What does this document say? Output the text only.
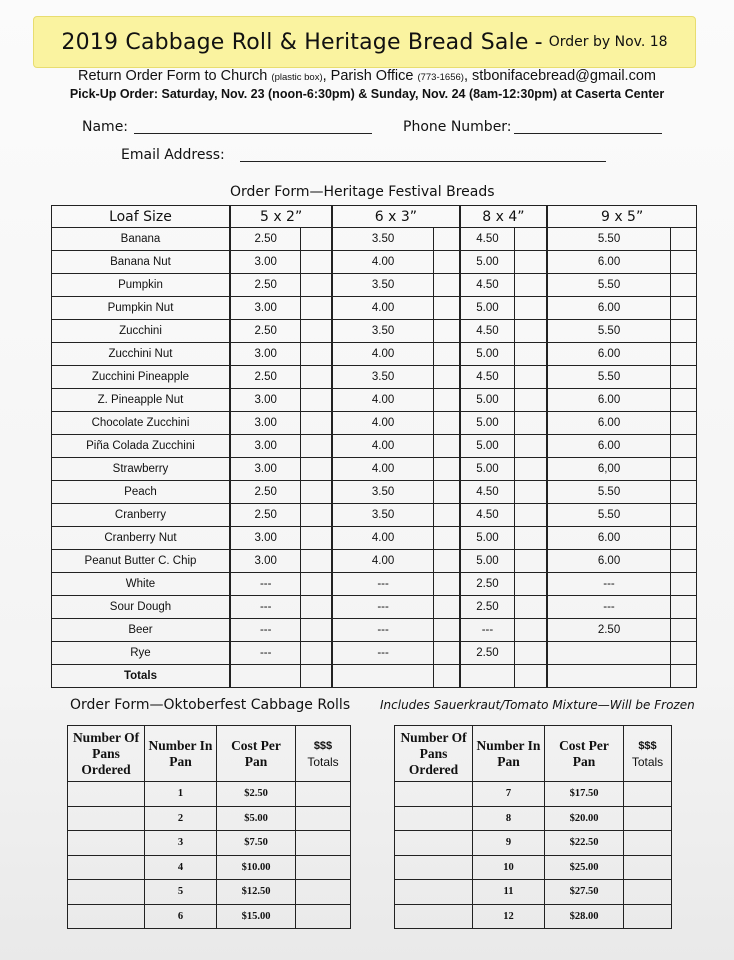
2019 Cabbage Roll & Heritage Bread Sale - Order by Nov. 18
Return Order Form to Church (plastic box), Parish Office (773-1656), stbonifacebread@gmail.com
Pick-Up Order: Saturday, Nov. 23 (noon-6:30pm) & Sunday, Nov. 24 (8am-12:30pm) at Caserta Center
Name:	Phone Number:
Email Address:
Order Form—Heritage Festival Breads
Loaf Size	5 x 2”		6 x 3”		8 x 4”		9 x 5”	
Banana	2.50		3.50		4.50		5.50	
Banana Nut	3.00		4.00		5.00		6.00	
Pumpkin	2.50		3.50		4.50		5.50	
Pumpkin Nut	3.00		4.00		5.00		6.00	
Zucchini	2.50		3.50		4.50		5.50	
Zucchini Nut	3.00		4.00		5.00		6.00	
Zucchini Pineapple	2.50		3.50		4.50		5.50	
Z. Pineapple Nut	3.00		4.00		5.00		6.00	
Chocolate Zucchini	3.00		4.00		5.00		6.00	
Piña Colada Zucchini	3.00		4.00		5.00		6.00	
Strawberry	3.00		4.00		5.00		6,00	
Peach	2.50		3.50		4.50		5.50	
Cranberry	2.50		3.50		4.50		5.50	
Cranberry Nut	3.00		4.00		5.00		6.00	
Peanut Butter C. Chip	3.00		4.00		5.00		6.00	
White	---		---		2.50		---	
Sour Dough	---		---		2.50		---	
Beer	---		---		---		2.50	
Rye	---		---		2.50			
Totals								
Order Form—Oktoberfest Cabbage Rolls Includes Sauerkraut/Tomato Mixture—Will be Frozen
Number Of Pans Ordered	Number In Pan	Cost Per Pan	$$$
Totals
	1	$2.50	
	2	$5.00	
	3	$7.50	
	4	$10.00	
	5	$12.50	
	6	$15.00	
Number Of Pans Ordered	Number In Pan	Cost Per Pan	$$$
Totals
	7	$17.50	
	8	$20.00	
	9	$22.50	
	10	$25.00	
	11	$27.50	
	12	$28.00	
